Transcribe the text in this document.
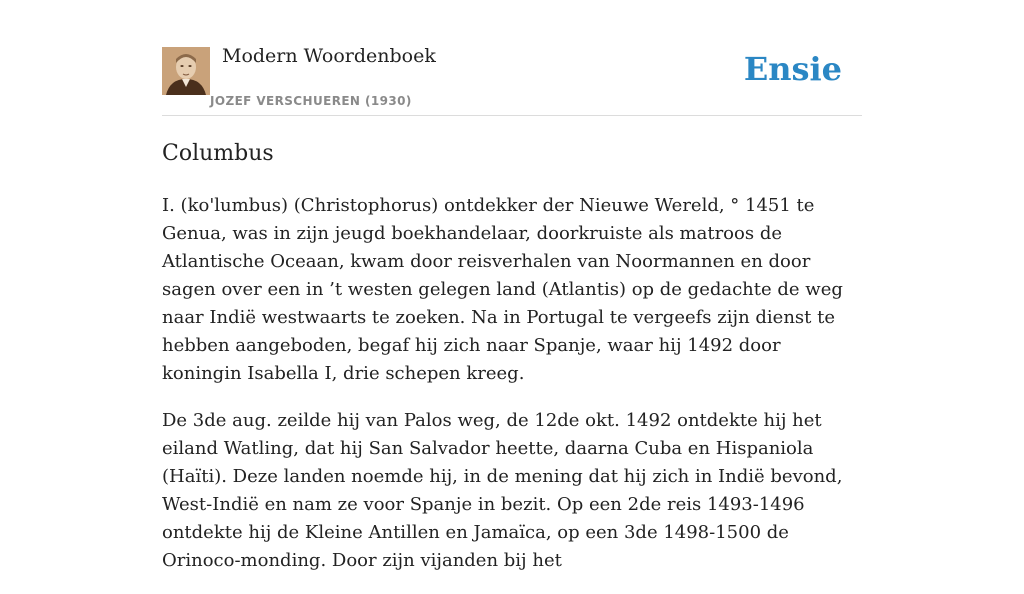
Modern Woordenboek
JOZEF VERSCHUEREN (1930)
Ensie
Columbus

I. (ko'lumbus) (Christophorus) ontdekker der Nieuwe Wereld, ° 1451 te Genua, was in zijn jeugd boekhandelaar, doorkruiste als matroos de Atlantische Oceaan, kwam door reisverhalen van Noormannen en door sagen over een in ’t westen gelegen land (Atlantis) op de gedachte de weg naar Indië westwaarts te zoeken. Na in Portugal te vergeefs zijn dienst te hebben aangeboden, begaf hij zich naar Spanje, waar hij 1492 door koningin Isabella I, drie schepen kreeg.

De 3de aug. zeilde hij van Palos weg, de 12de okt. 1492 ontdekte hij het eiland Watling, dat hij San Salvador heette, daarna Cuba en Hispaniola (Haïti). Deze landen noemde hij, in de mening dat hij zich in Indië bevond, West-Indië en nam ze voor Spanje in bezit. Op een 2de reis 1493-1496 ontdekte hij de Kleine Antillen en Jamaïca, op een 3de 1498-1500 de Orinoco-monding. Door zijn vijanden bij het
